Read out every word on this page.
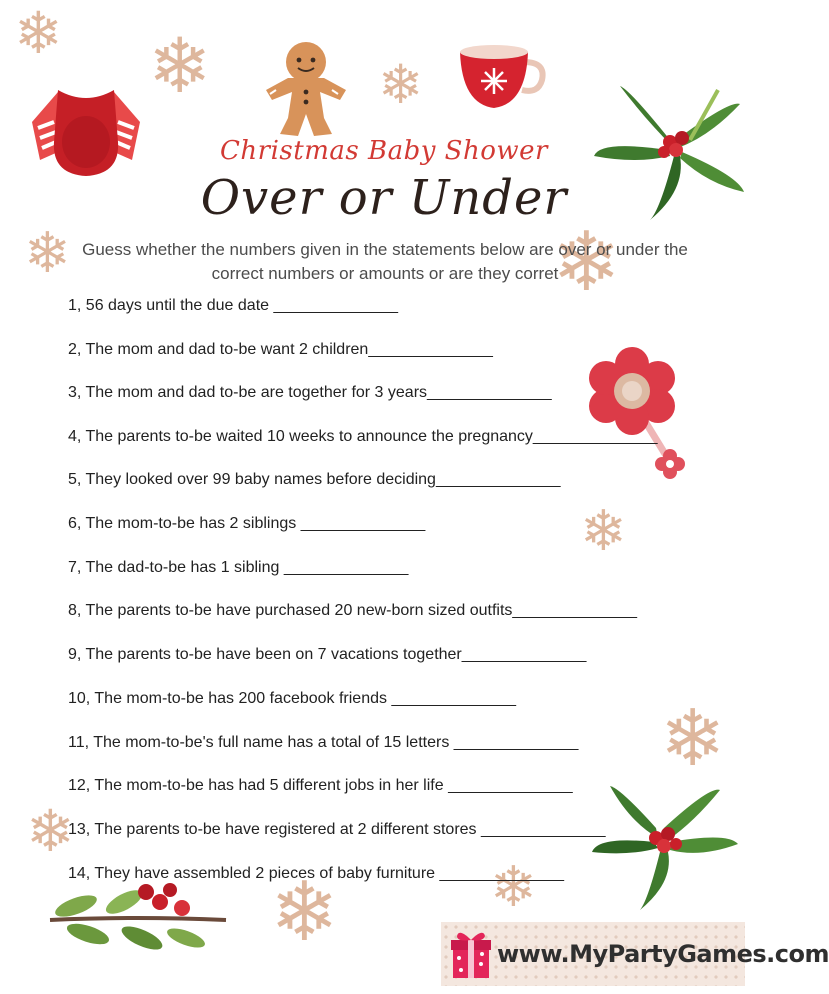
❄ ❄	❄
❄	❄
❄
❄
❄
❄	❄
Christmas Baby Shower
Over or Under
Guess whether the numbers given in the statements below are over or under the correct numbers or amounts or are they corret
1, 56 days until the due date ______________
2, The mom and dad to-be want 2 children______________
3, The mom and dad to-be are together for 3 years______________
4, The parents to-be waited 10 weeks to announce the pregnancy______________
5, They looked over 99 baby names before deciding______________
6, The mom-to-be has 2 siblings ______________
7, The dad-to-be has 1 sibling ______________
8, The parents to-be have purchased 20 new-born sized outfits______________
9, The parents to-be have been on 7 vacations together______________
10, The mom-to-be has 200 facebook friends ______________
11, The mom-to-be's full name has a total of 15 letters ______________
12, The mom-to-be has had 5 different jobs in her life ______________
13, The parents to-be have registered at 2 different stores ______________
14, They have assembled 2 pieces of baby furniture ______________
www.MyPartyGames.com
